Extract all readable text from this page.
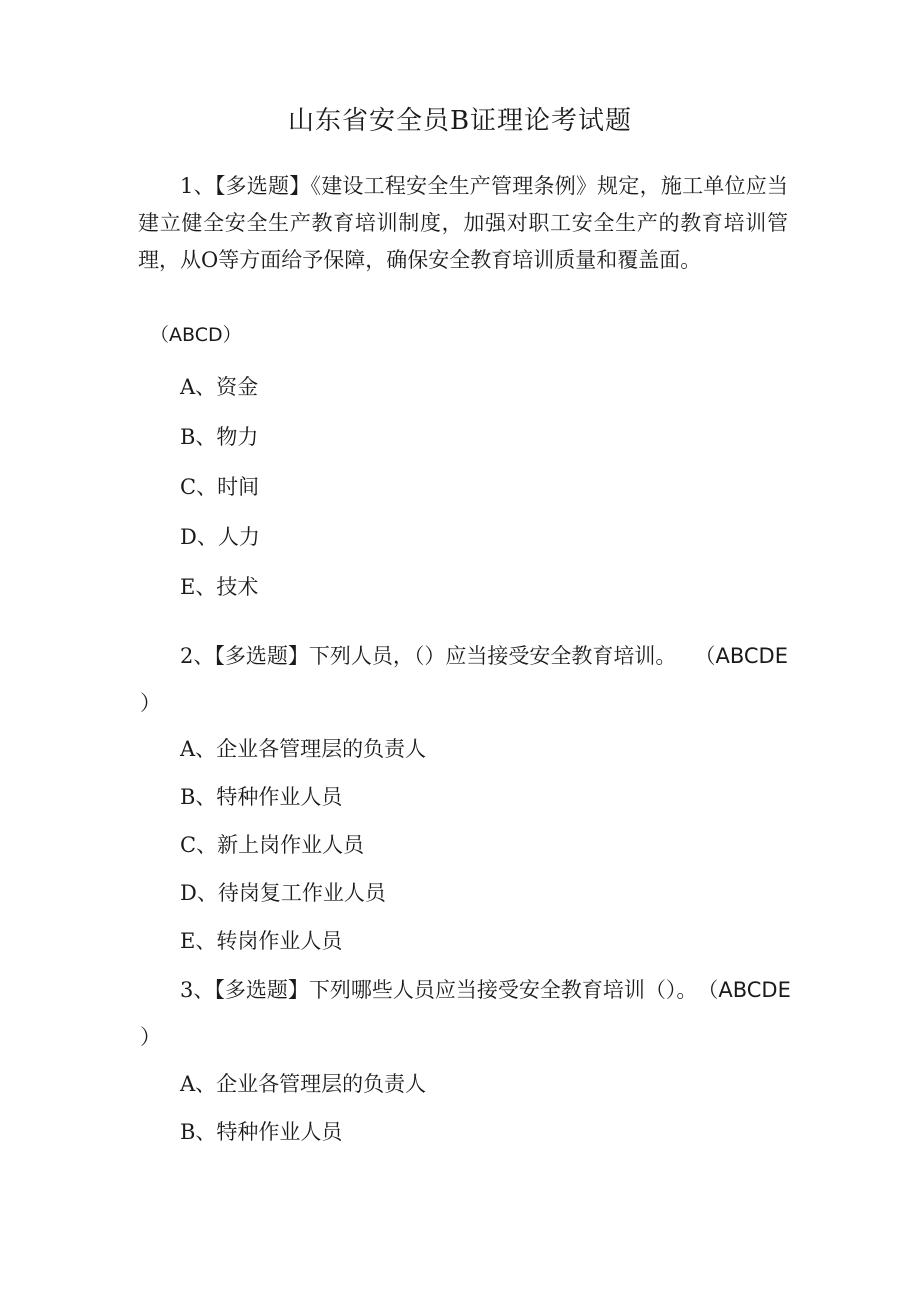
山东省安全员B证理论考试题

1、【多选题】《建设工程安全生产管理条例》规定，施工单位应当建立健全安全生产教育培训制度，加强对职工安全生产的教育培训管理，从O等方面给予保障，确保安全教育培训质量和覆盖面。

（ABCD）
A、资金
B、物力
C、时间
D、人力
E、技术
2、【多选题】下列人员，（）应当接受安全教育培训。 （ABCDE
）
A、企业各管理层的负责人
B、特种作业人员
C、新上岗作业人员
D、待岗复工作业人员
E、转岗作业人员
3、【多选题】下列哪些人员应当接受安全教育培训（）。 （ABCDE
）
A、企业各管理层的负责人
B、特种作业人员
